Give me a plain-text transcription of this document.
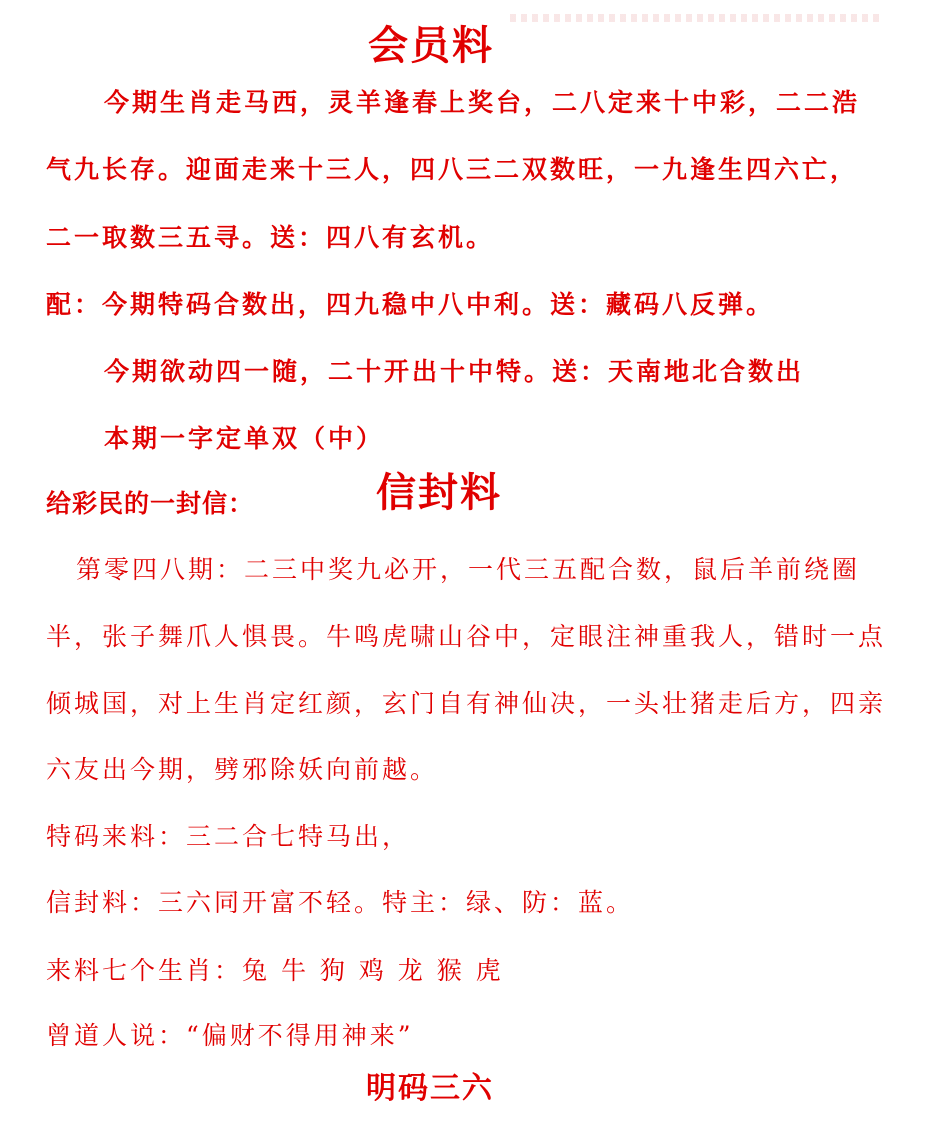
会员料
今期生肖走马西，灵羊逢春上奖台，二八定来十中彩，二二浩
气九长存。迎面走来十三人，四八三二双数旺，一九逢生四六亡，
二一取数三五寻。送：四八有玄机。
配：今期特码合数出，四九稳中八中利。送：藏码八反弹。
今期欲动四一随，二十开出十中特。送：天南地北合数出
本期一字定单双（中）
给彩民的一封信：	信封料
第零四八期：二三中奖九必开，一代三五配合数，鼠后羊前绕圈
半，张子舞爪人惧畏。牛鸣虎啸山谷中，定眼注神重我人，错时一点
倾城国，对上生肖定红颜，玄门自有神仙决，一头壮猪走后方，四亲
六友出今期，劈邪除妖向前越。
特码来料：三二合七特马出，
信封料：三六同开富不轻。特主：绿、防：蓝。
来料七个生肖：兔 牛 狗 鸡 龙 猴 虎
曾道人说：“偏财不得用神来”
明码三六
